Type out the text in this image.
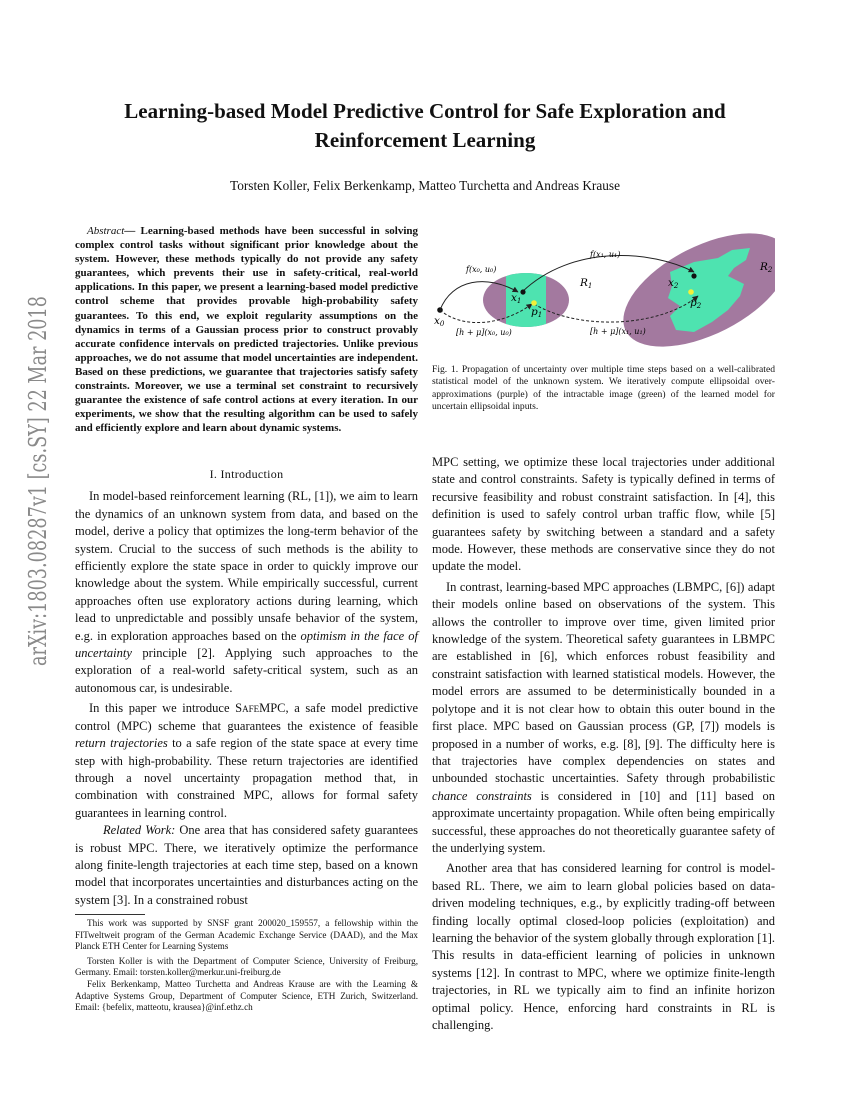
arXiv:1803.08287v1 [cs.SY] 22 Mar 2018
Learning-based Model Predictive Control for Safe Exploration and
Reinforcement Learning
Torsten Koller, Felix Berkenkamp, Matteo Turchetta and Andreas Krause

Abstract— Learning-based methods have been successful in solving complex control tasks without significant prior knowledge about the system. However, these methods typically do not provide any safety guarantees, which prevents their use in safety-critical, real-world applications. In this paper, we present a learning-based model predictive control scheme that provides provable high-probability safety guarantees. To this end, we exploit regularity assumptions on the dynamics in terms of a Gaussian process prior to construct provably accurate confidence intervals on predicted trajectories. Unlike previous approaches, we do not assume that model uncertainties are independent. Based on these predictions, we guarantee that trajectories satisfy safety constraints. Moreover, we use a terminal set constraint to recursively guarantee the existence of safe control actions at every iteration. In our experiments, we show that the resulting algorithm can be used to safely and efficiently explore and learn about dynamic systems.

I. Introduction

In model-based reinforcement learning (RL, [1]), we aim to learn the dynamics of an unknown system from data, and based on the model, derive a policy that optimizes the long-term behavior of the system. Crucial to the success of such methods is the ability to efficiently explore the state space in order to quickly improve our knowledge about the system. While empirically successful, current approaches often use exploratory actions during learning, which lead to unpredictable and possibly unsafe behavior of the system, e.g. in exploration approaches based on the optimism in the face of uncertainty principle [2]. Applying such approaches to the exploration of a real-world safety-critical system, such as an autonomous car, is undesirable.

In this paper we introduce SafeMPC, a safe model predictive control (MPC) scheme that guarantees the existence of feasible return trajectories to a safe region of the state space at every time step with high-probability. These return trajectories are identified through a novel uncertainty propagation method that, in combination with constrained MPC, allows for formal safety guarantees in learning control.

Related Work: One area that has considered safety guarantees is robust MPC. There, we iteratively optimize the performance along finite-length trajectories at each time step, based on a known model that incorporates uncertainties and disturbances acting on the system [3]. In a constrained robust

This work was supported by SNSF grant 200020_159557, a fellowship within the FITweltweit program of the German Academic Exchange Service (DAAD), and the Max Planck ETH Center for Learning Systems

Torsten Koller is with the Department of Computer Science, University of Freiburg, Germany. Email: torsten.koller@merkur.uni-freiburg.de

Felix Berkenkamp, Matteo Turchetta and Andreas Krause are with the Learning & Adaptive Systems Group, Department of Computer Science, ETH Zurich, Switzerland. Email: {befelix, matteotu, krausea}@inf.ethz.ch

x0
x1
p1
R1	x2
p2
R2
f(x₀, u₀)
f(x₁, u₁)
[h + μ](x₀, u₀)	[h + μ](x₁, u₁)

Fig. 1. Propagation of uncertainty over multiple time steps based on a well-calibrated statistical model of the unknown system. We iteratively compute ellipsoidal over-approximations (purple) of the intractable image (green) of the learned model for uncertain ellipsoidal inputs.

MPC setting, we optimize these local trajectories under additional state and control constraints. Safety is typically defined in terms of recursive feasibility and robust constraint satisfaction. In [4], this definition is used to safely control urban traffic flow, while [5] guarantees safety by switching between a standard and a safety mode. However, these methods are conservative since they do not update the model.

In contrast, learning-based MPC approaches (LBMPC, [6]) adapt their models online based on observations of the system. This allows the controller to improve over time, given limited prior knowledge of the system. Theoretical safety guarantees in LBMPC are established in [6], which enforces robust feasibility and constraint satisfaction with learned statistical models. However, the model errors are assumed to be deterministically bounded in a polytope and it is not clear how to obtain this outer bound in the first place. MPC based on Gaussian process (GP, [7]) models is proposed in a number of works, e.g. [8], [9]. The difficulty here is that trajectories have complex dependencies on states and unbounded stochastic uncertainties. Safety through probabilistic chance constraints is considered in [10] and [11] based on approximate uncertainty propagation. While often being empirically successful, these approaches do not theoretically guarantee safety of the underlying system.

Another area that has considered learning for control is model-based RL. There, we aim to learn global policies based on data-driven modeling techniques, e.g., by explicitly trading-off between finding locally optimal closed-loop policies (exploitation) and learning the behavior of the system globally through exploration [1]. This results in data-efficient learning of policies in unknown systems [12]. In contrast to MPC, where we optimize finite-length trajectories, in RL we typically aim to find an infinite horizon optimal policy. Hence, enforcing hard constraints in RL is challenging.
